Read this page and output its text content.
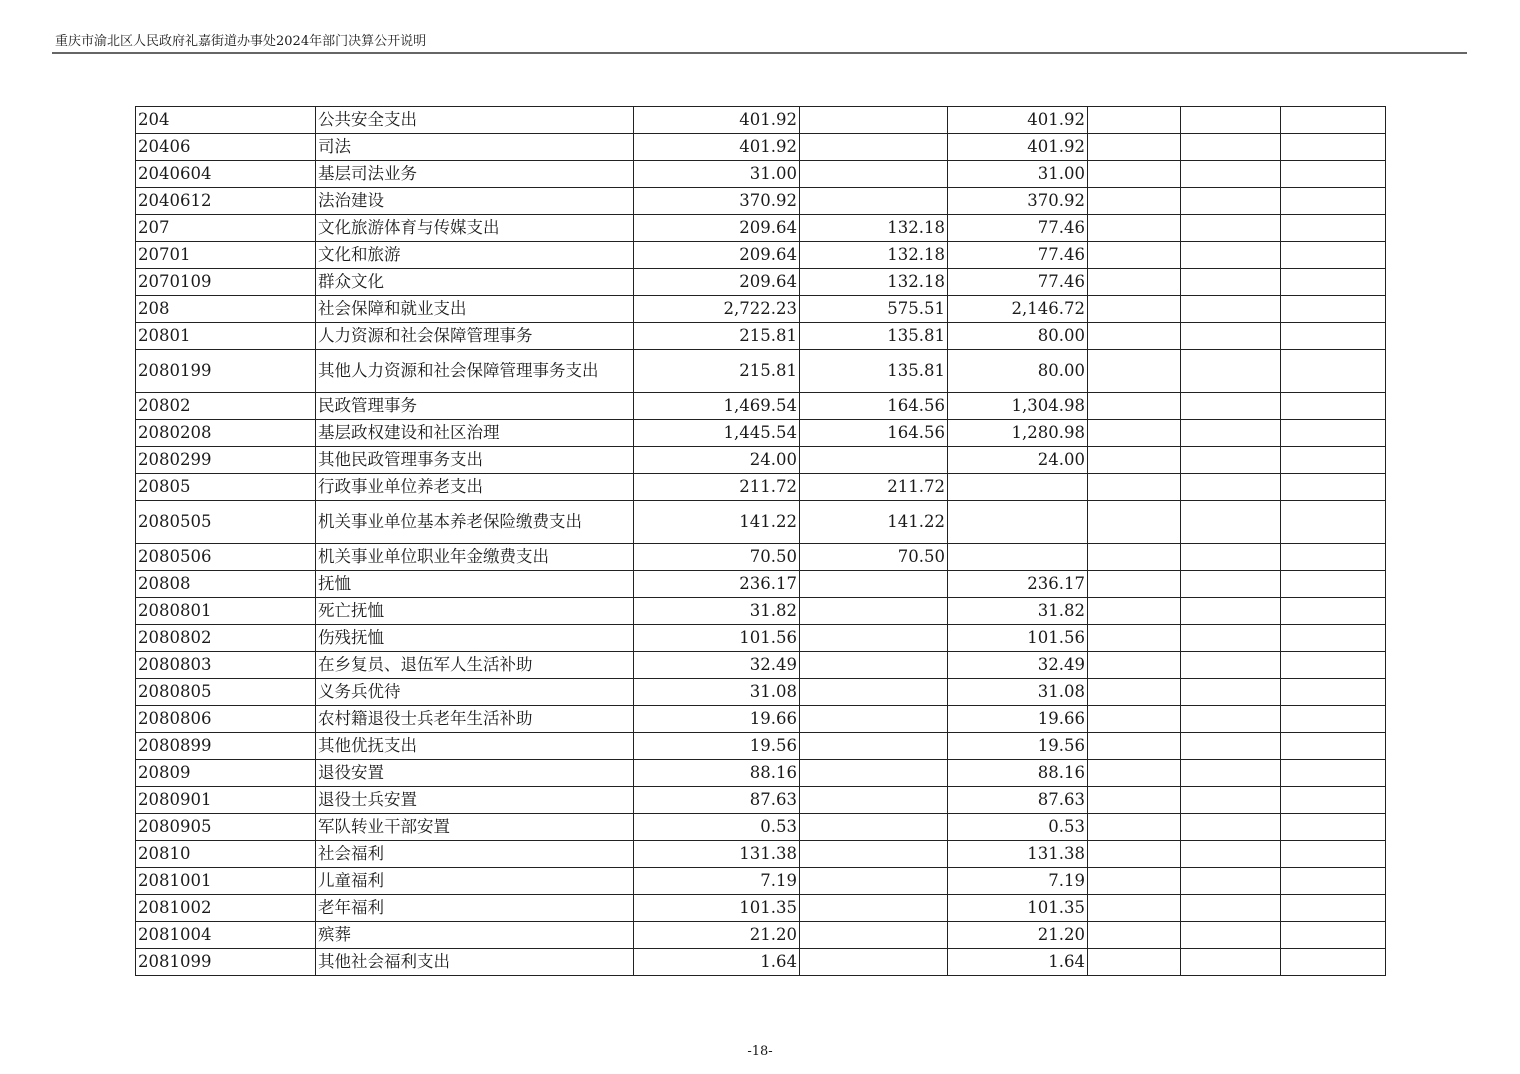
重庆市渝北区人民政府礼嘉街道办事处2024年部门决算公开说明
204	公共安全支出	401.92		401.92			
20406	司法	401.92		401.92			
2040604	基层司法业务	31.00		31.00			
2040612	法治建设	370.92		370.92			
207	文化旅游体育与传媒支出	209.64	132.18	77.46			
20701	文化和旅游	209.64	132.18	77.46			
2070109	群众文化	209.64	132.18	77.46			
208	社会保障和就业支出	2,722.23	575.51	2,146.72			
20801	人力资源和社会保障管理事务	215.81	135.81	80.00			
2080199	其他人力资源和社会保障管理事务支出	215.81	135.81	80.00			
20802	民政管理事务	1,469.54	164.56	1,304.98			
2080208	基层政权建设和社区治理	1,445.54	164.56	1,280.98			
2080299	其他民政管理事务支出	24.00		24.00			
20805	行政事业单位养老支出	211.72	211.72				
2080505	机关事业单位基本养老保险缴费支出	141.22	141.22				
2080506	机关事业单位职业年金缴费支出	70.50	70.50				
20808	抚恤	236.17		236.17			
2080801	死亡抚恤	31.82		31.82			
2080802	伤残抚恤	101.56		101.56			
2080803	在乡复员、退伍军人生活补助	32.49		32.49			
2080805	义务兵优待	31.08		31.08			
2080806	农村籍退役士兵老年生活补助	19.66		19.66			
2080899	其他优抚支出	19.56		19.56			
20809	退役安置	88.16		88.16			
2080901	退役士兵安置	87.63		87.63			
2080905	军队转业干部安置	0.53		0.53			
20810	社会福利	131.38		131.38			
2081001	儿童福利	7.19		7.19			
2081002	老年福利	101.35		101.35			
2081004	殡葬	21.20		21.20			
2081099	其他社会福利支出	1.64		1.64			
-18-
